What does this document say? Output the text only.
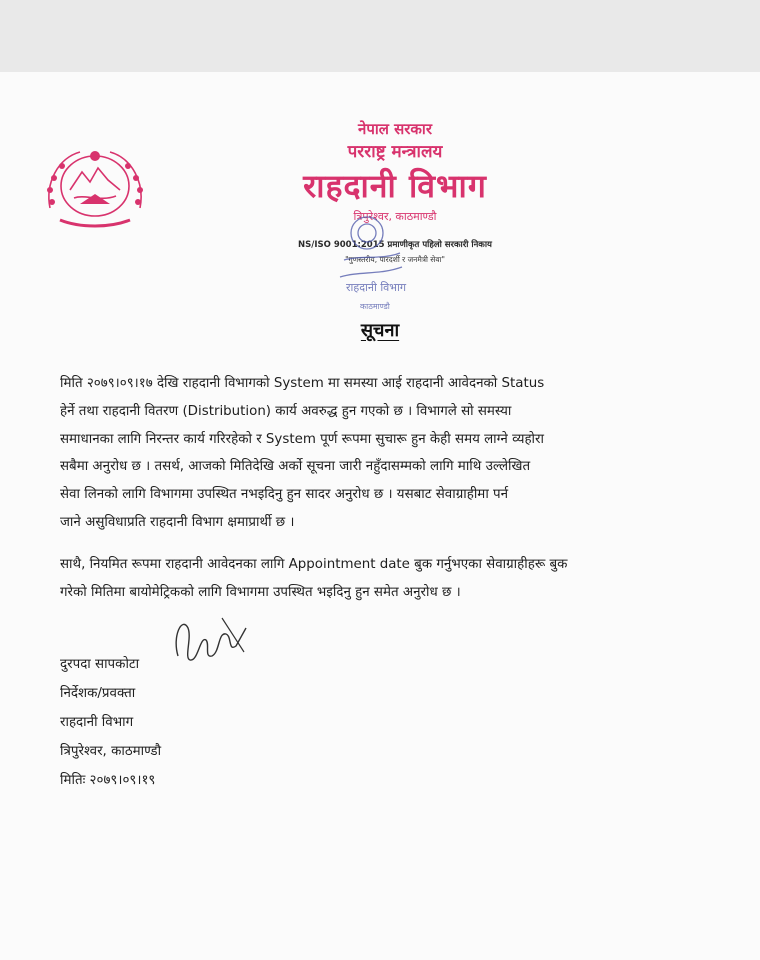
नेपाल सरकार
परराष्ट्र मन्त्रालय
राहदानी विभाग
त्रिपुरेश्वर, काठमाण्डौ
NS/ISO 9001:2015 प्रमाणीकृत पहिलो सरकारी निकाय
"गुणस्तरीय, पारदर्शी र जनमैत्री सेवा"
राहदानी विभाग
काठमाण्डौ
सूचना
मिति २०७९।०९।१७ देखि राहदानी विभागको System मा समस्या आई राहदानी आवेदनको Status
हेर्ने तथा राहदानी वितरण (Distribution) कार्य अवरुद्ध हुन गएको छ । विभागले सो समस्या
समाधानका लागि निरन्तर कार्य गरिरहेको र System पूर्ण रूपमा सुचारू हुन केही समय लाग्ने व्यहोरा
सबैमा अनुरोध छ । तसर्थ, आजको मितिदेखि अर्को सूचना जारी नहुँदासम्मको लागि माथि उल्लेखित
सेवा लिनको लागि विभागमा उपस्थित नभइदिनु हुन सादर अनुरोध छ । यसबाट सेवाग्राहीमा पर्न
जाने असुविधाप्रति राहदानी विभाग क्षमाप्रार्थी छ ।
साथै, नियमित रूपमा राहदानी आवेदनका लागि Appointment date बुक गर्नुभएका सेवाग्राहीहरू बुक
गरेको मितिमा बायोमेट्रिकको लागि विभागमा उपस्थित भइदिनु हुन समेत अनुरोध छ ।
दुरपदा सापकोटा
निर्देशक/प्रवक्ता
राहदानी विभाग
त्रिपुरेश्वर, काठमाण्डौ
मितिः २०७९।०९।१९
